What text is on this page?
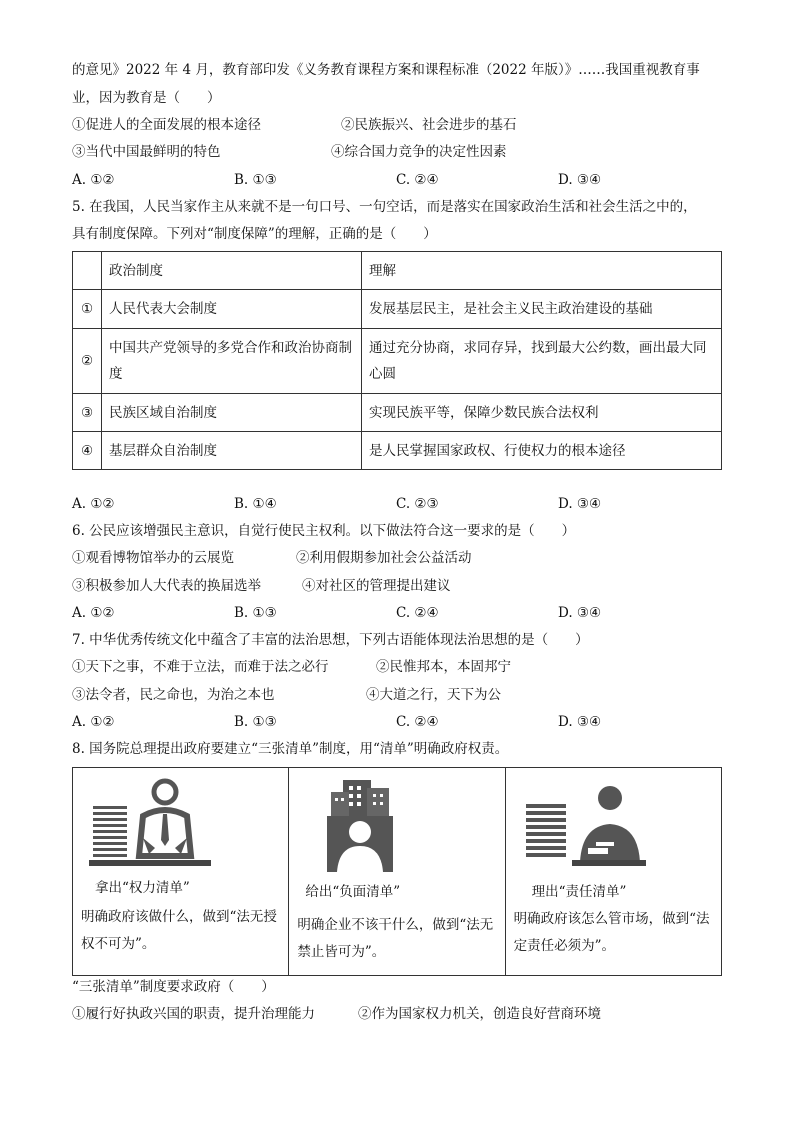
的意见》2022 年 4 月，教育部印发《义务教育课程方案和课程标准（2022 年版）》……我国重视教育事
业，因为教育是（　　）
①促进人的全面发展的根本途径	②民族振兴、社会进步的基石
③当代中国最鲜明的特色	④综合国力竞争的决定性因素
A. ①②	B. ①③	C. ②④	D. ③④
5. 在我国，人民当家作主从来就不是一句口号、一句空话，而是落实在国家政治生活和社会生活之中的，
具有制度保障。下列对“制度保障”的理解，正确的是（　　）
	政治制度	理解
①	人民代表大会制度	发展基层民主，是社会主义民主政治建设的基础
②	中国共产党领导的多党合作和政治协商制度	通过充分协商，求同存异，找到最大公约数，画出最大同心圆
③	民族区域自治制度	实现民族平等，保障少数民族合法权利
④	基层群众自治制度	是人民掌握国家政权、行使权力的根本途径
A. ①②	B. ①④	C. ②③	D. ③④
6. 公民应该增强民主意识，自觉行使民主权利。以下做法符合这一要求的是（　　）
①观看博物馆举办的云展览	②利用假期参加社会公益活动
③积极参加人大代表的换届选举	④对社区的管理提出建议
A. ①②	B. ①③	C. ②④	D. ③④
7. 中华优秀传统文化中蕴含了丰富的法治思想，下列古语能体现法治思想的是（　　）
①天下之事，不难于立法，而难于法之必行	②民惟邦本，本固邦宁
③法令者，民之命也，为治之本也	④大道之行，天下为公
A. ①②	B. ①③	C. ②④	D. ③④
8. 国务院总理提出政府要建立“三张清单”制度，用“清单”明确政府权责。
拿出“权力清单”
明确政府该做什么，做到“法无授权不可为”。
给出“负面清单”
明确企业不该干什么，做到“法无禁止皆可为”。
理出“责任清单”
明确政府该怎么管市场，做到“法定责任必须为”。
“三张清单”制度要求政府（　　）
①履行好执政兴国的职责，提升治理能力	②作为国家权力机关，创造良好营商环境
